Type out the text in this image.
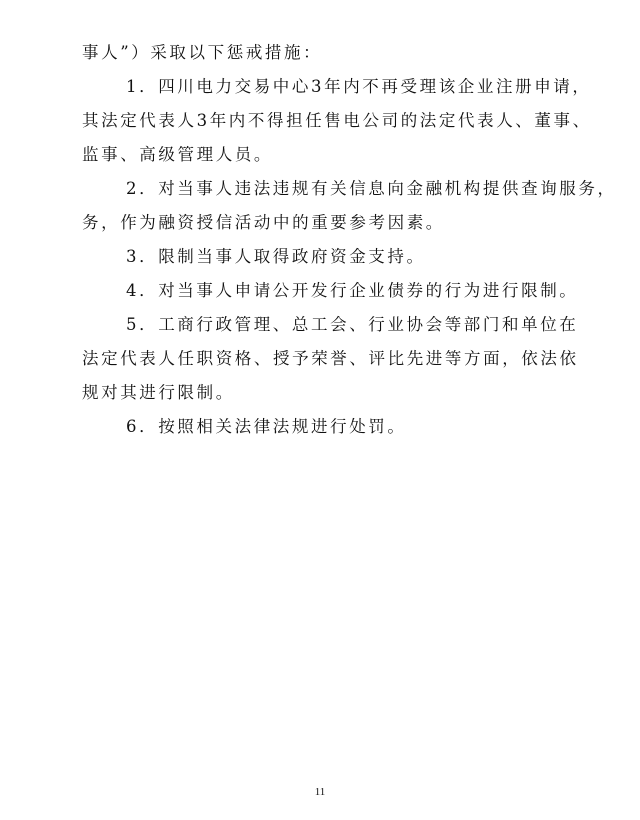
事人”）采取以下惩戒措施：
1．四川电力交易中心3年内不再受理该企业注册申请，
其法定代表人3年内不得担任售电公司的法定代表人、董事、
监事、高级管理人员。
2．对当事人违法违规有关信息向金融机构提供查询服务，
务，作为融资授信活动中的重要参考因素。
3．限制当事人取得政府资金支持。
4．对当事人申请公开发行企业债券的行为进行限制。
5．工商行政管理、总工会、行业协会等部门和单位在
法定代表人任职资格、授予荣誉、评比先进等方面，依法依
规对其进行限制。
6．按照相关法律法规进行处罚。
11
